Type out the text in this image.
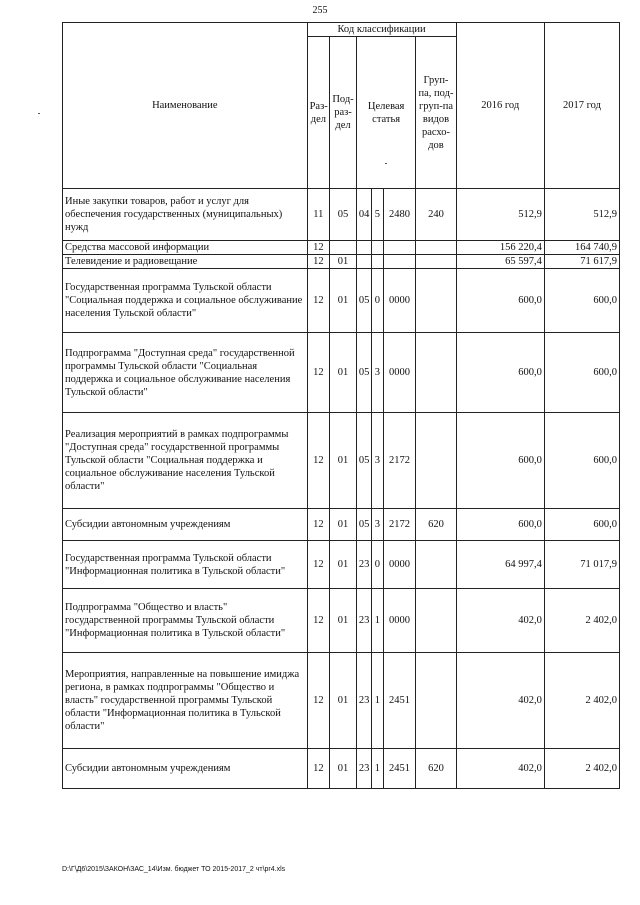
255
Наименование	Код классификации						2016 год	2017 год
	Раз-дел	Под-раз-дел	Целевая статья			Груп-па, под-груп-па видов расхо-дов		
Иные закупки товаров, работ и услуг для обеспечения государственных (муниципальных) нужд	11	05	04	5	2480	240	512,9	512,9
Средства массовой информации	12						156 220,4	164 740,9
Телевидение и радиовещание	12	01					65 597,4	71 617,9
Государственная программа Тульской области "Социальная поддержка и социальное обслуживание населения Тульской области"	12	01	05	0	0000		600,0	600,0
Подпрограмма "Доступная среда" государственной программы Тульской области "Социальная поддержка и социальное обслуживание населения Тульской области"	12	01	05	3	0000		600,0	600,0
Реализация мероприятий в рамках подпрограммы "Доступная среда" государственной программы Тульской области "Социальная поддержка и социальное обслуживание населения Тульской области"	12	01	05	3	2172		600,0	600,0
Субсидии автономным учреждениям	12	01	05	3	2172	620	600,0	600,0
Государственная программа Тульской области "Информационная политика в Тульской области"	12	01	23	0	0000		64 997,4	71 017,9
Подпрограмма "Общество и власть" государственной программы Тульской области "Информационная политика в Тульской области"	12	01	23	1	0000		402,0	2 402,0
Мероприятия, направленные на повышение имиджа региона, в рамках подпрограммы "Общество и власть" государственной программы Тульской области "Информационная политика в Тульской области"	12	01	23	1	2451		402,0	2 402,0
Субсидии автономным учреждениям	12	01	23	1	2451	620	402,0	2 402,0
D:\Г\Д6\2015\ЗАКОН\ЗАС_14\Изм. бюджет ТО 2015-2017_2 чт\pr4.xls
